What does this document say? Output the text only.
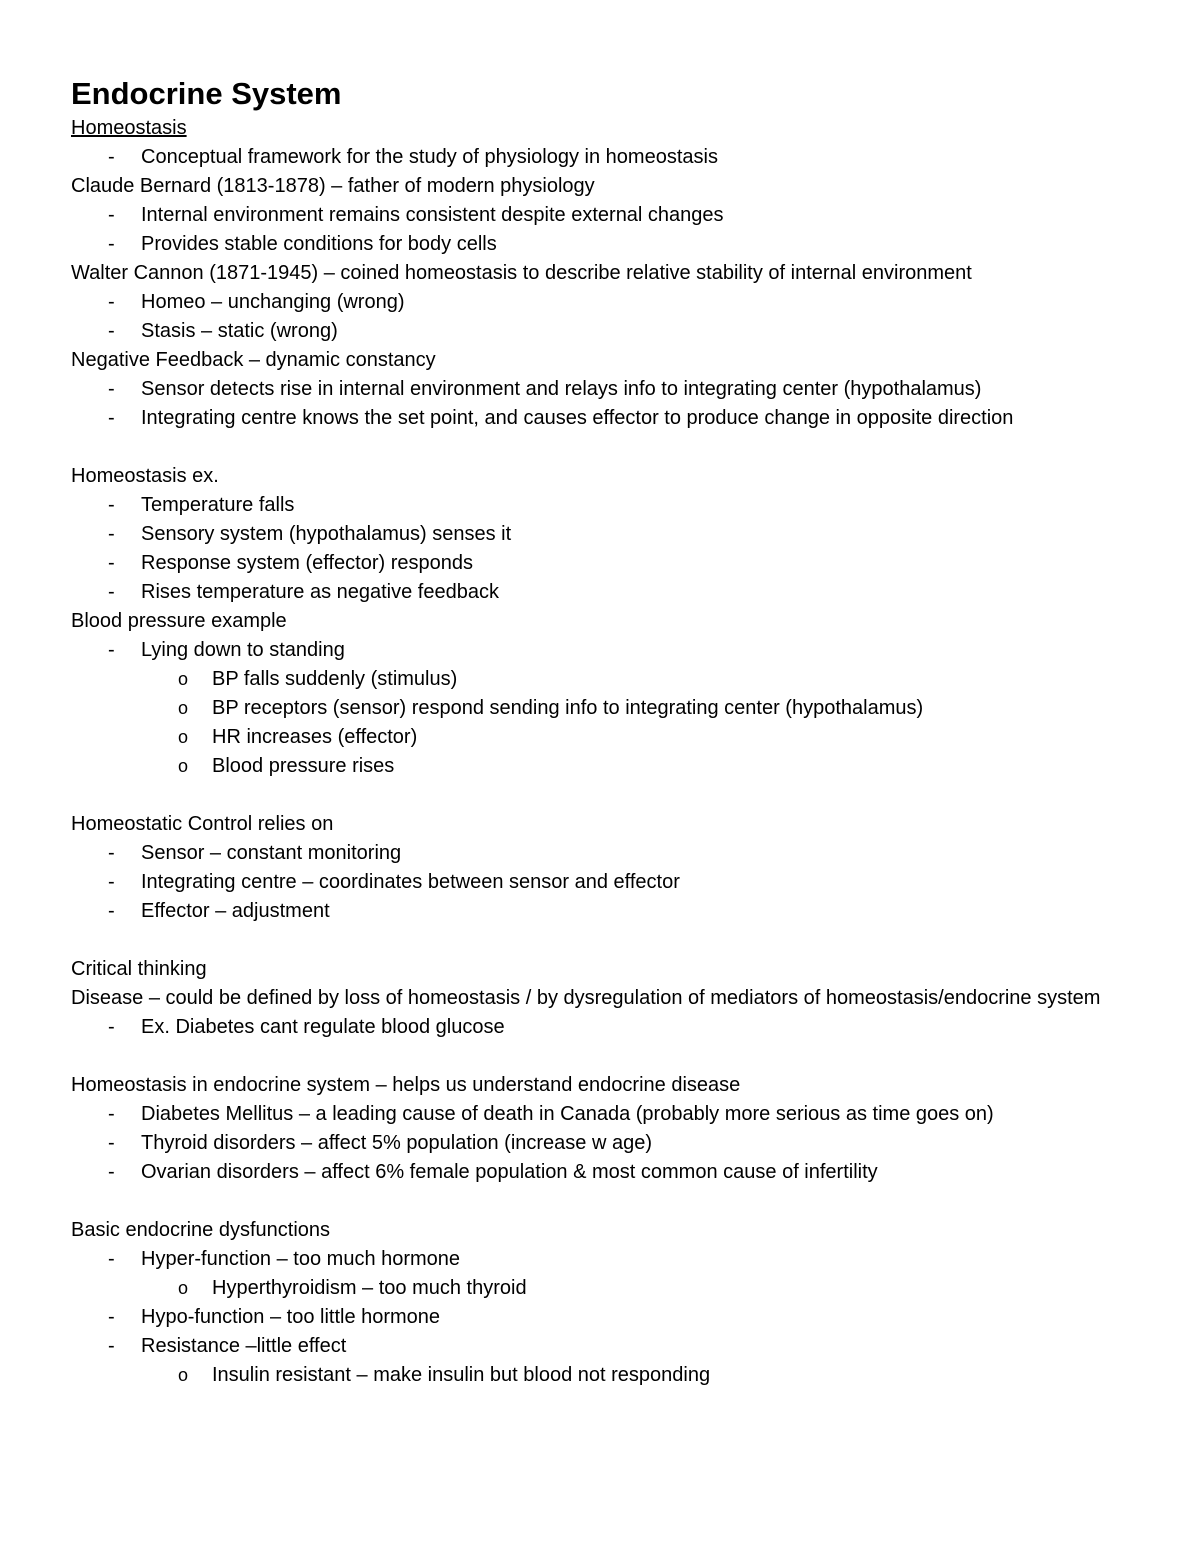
Endocrine System
Homeostasis
- Conceptual framework for the study of physiology in homeostasis
Claude Bernard (1813-1878) – father of modern physiology
- Internal environment remains consistent despite external changes
- Provides stable conditions for body cells
Walter Cannon (1871-1945) – coined homeostasis to describe relative stability of internal environment
- Homeo – unchanging (wrong)
- Stasis – static (wrong)
Negative Feedback – dynamic constancy
- Sensor detects rise in internal environment and relays info to integrating center (hypothalamus)
- Integrating centre knows the set point, and causes effector to produce change in opposite direction
Homeostasis ex.
- Temperature falls
- Sensory system (hypothalamus) senses it
- Response system (effector) responds
- Rises temperature as negative feedback
Blood pressure example
- Lying down to standing
o BP falls suddenly (stimulus)
o BP receptors (sensor) respond sending info to integrating center (hypothalamus)
o HR increases (effector)
o Blood pressure rises
Homeostatic Control relies on
- Sensor – constant monitoring
- Integrating centre – coordinates between sensor and effector
- Effector – adjustment
Critical thinking
Disease – could be defined by loss of homeostasis / by dysregulation of mediators of homeostasis/endocrine system
- Ex. Diabetes cant regulate blood glucose
Homeostasis in endocrine system – helps us understand endocrine disease
- Diabetes Mellitus – a leading cause of death in Canada (probably more serious as time goes on)
- Thyroid disorders – affect 5% population (increase w age)
- Ovarian disorders – affect 6% female population & most common cause of infertility
Basic endocrine dysfunctions
- Hyper-function – too much hormone
o Hyperthyroidism – too much thyroid
- Hypo-function – too little hormone
- Resistance –little effect
o Insulin resistant – make insulin but blood not responding
